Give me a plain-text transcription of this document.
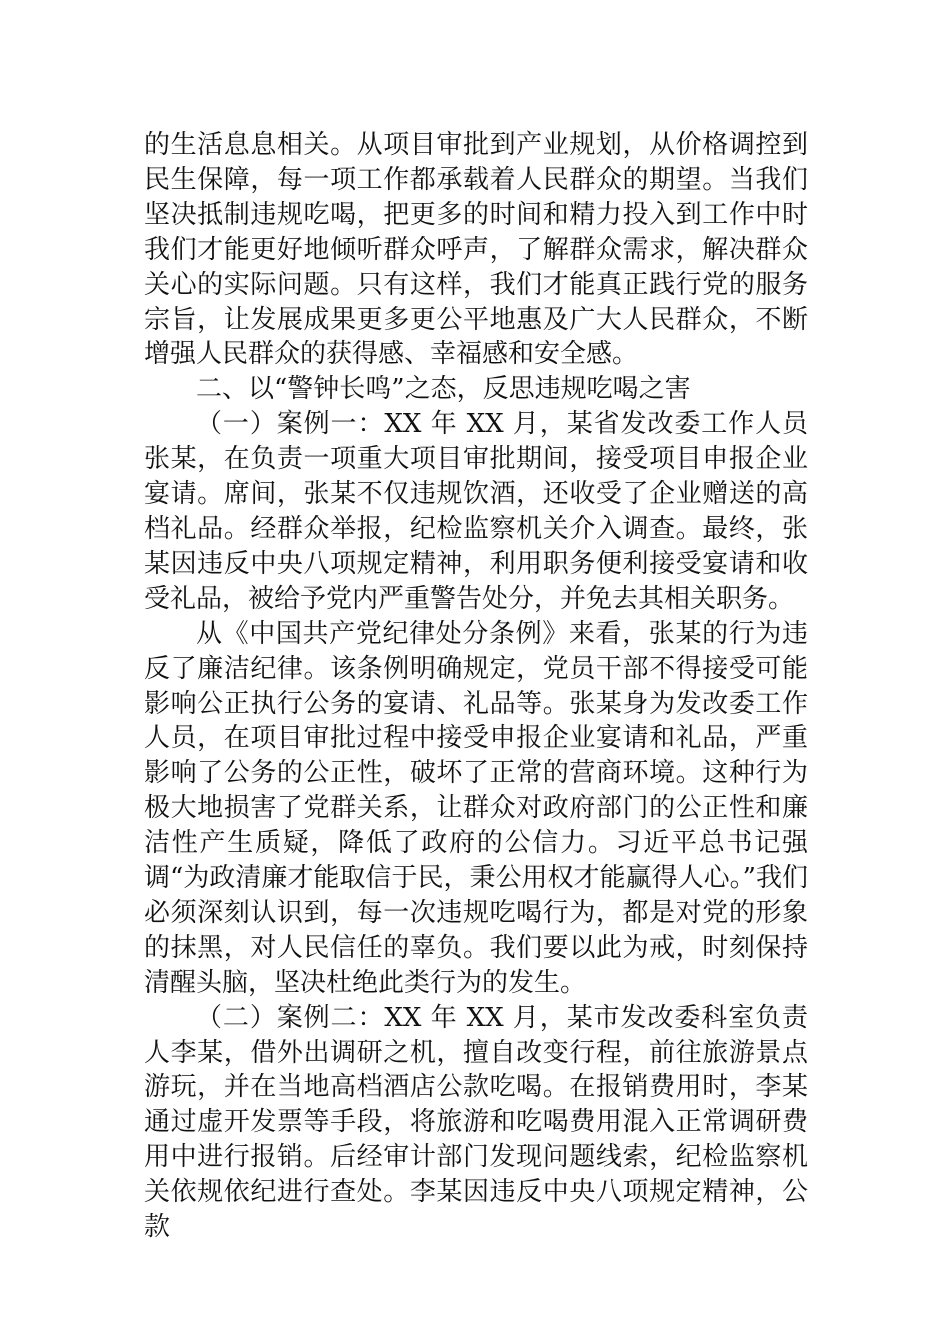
的生活息息相关。从项目审批到产业规划，从价格调控到民生保障，每一项工作都承载着人民群众的期望。当我们坚决抵制违规吃喝，把更多的时间和精力投入到工作中时我们才能更好地倾听群众呼声，了解群众需求，解决群众关心的实际问题。只有这样，我们才能真正践行党的服务宗旨，让发展成果更多更公平地惠及广大人民群众，不断增强人民群众的获得感、幸福感和安全感。

二、以“警钟长鸣”之态，反思违规吃喝之害

（一）案例一：XX 年 XX 月，某省发改委工作人员张某，在负责一项重大项目审批期间，接受项目申报企业宴请。席间，张某不仅违规饮酒，还收受了企业赠送的高档礼品。经群众举报，纪检监察机关介入调查。最终，张某因违反中央八项规定精神，利用职务便利接受宴请和收受礼品，被给予党内严重警告处分，并免去其相关职务。

从《中国共产党纪律处分条例》来看，张某的行为违反了廉洁纪律。该条例明确规定，党员干部不得接受可能影响公正执行公务的宴请、礼品等。张某身为发改委工作人员，在项目审批过程中接受申报企业宴请和礼品，严重影响了公务的公正性，破坏了正常的营商环境。这种行为极大地损害了党群关系，让群众对政府部门的公正性和廉洁性产生质疑，降低了政府的公信力。习近平总书记强调“为政清廉才能取信于民，秉公用权才能赢得人心。”我们必须深刻认识到，每一次违规吃喝行为，都是对党的形象的抹黑，对人民信任的辜负。我们要以此为戒，时刻保持清醒头脑，坚决杜绝此类行为的发生。

（二）案例二：XX 年 XX 月，某市发改委科室负责人李某，借外出调研之机，擅自改变行程，前往旅游景点游玩，并在当地高档酒店公款吃喝。在报销费用时，李某通过虚开发票等手段，将旅游和吃喝费用混入正常调研费用中进行报销。后经审计部门发现问题线索，纪检监察机关依规依纪进行查处。李某因违反中央八项规定精神，公款
